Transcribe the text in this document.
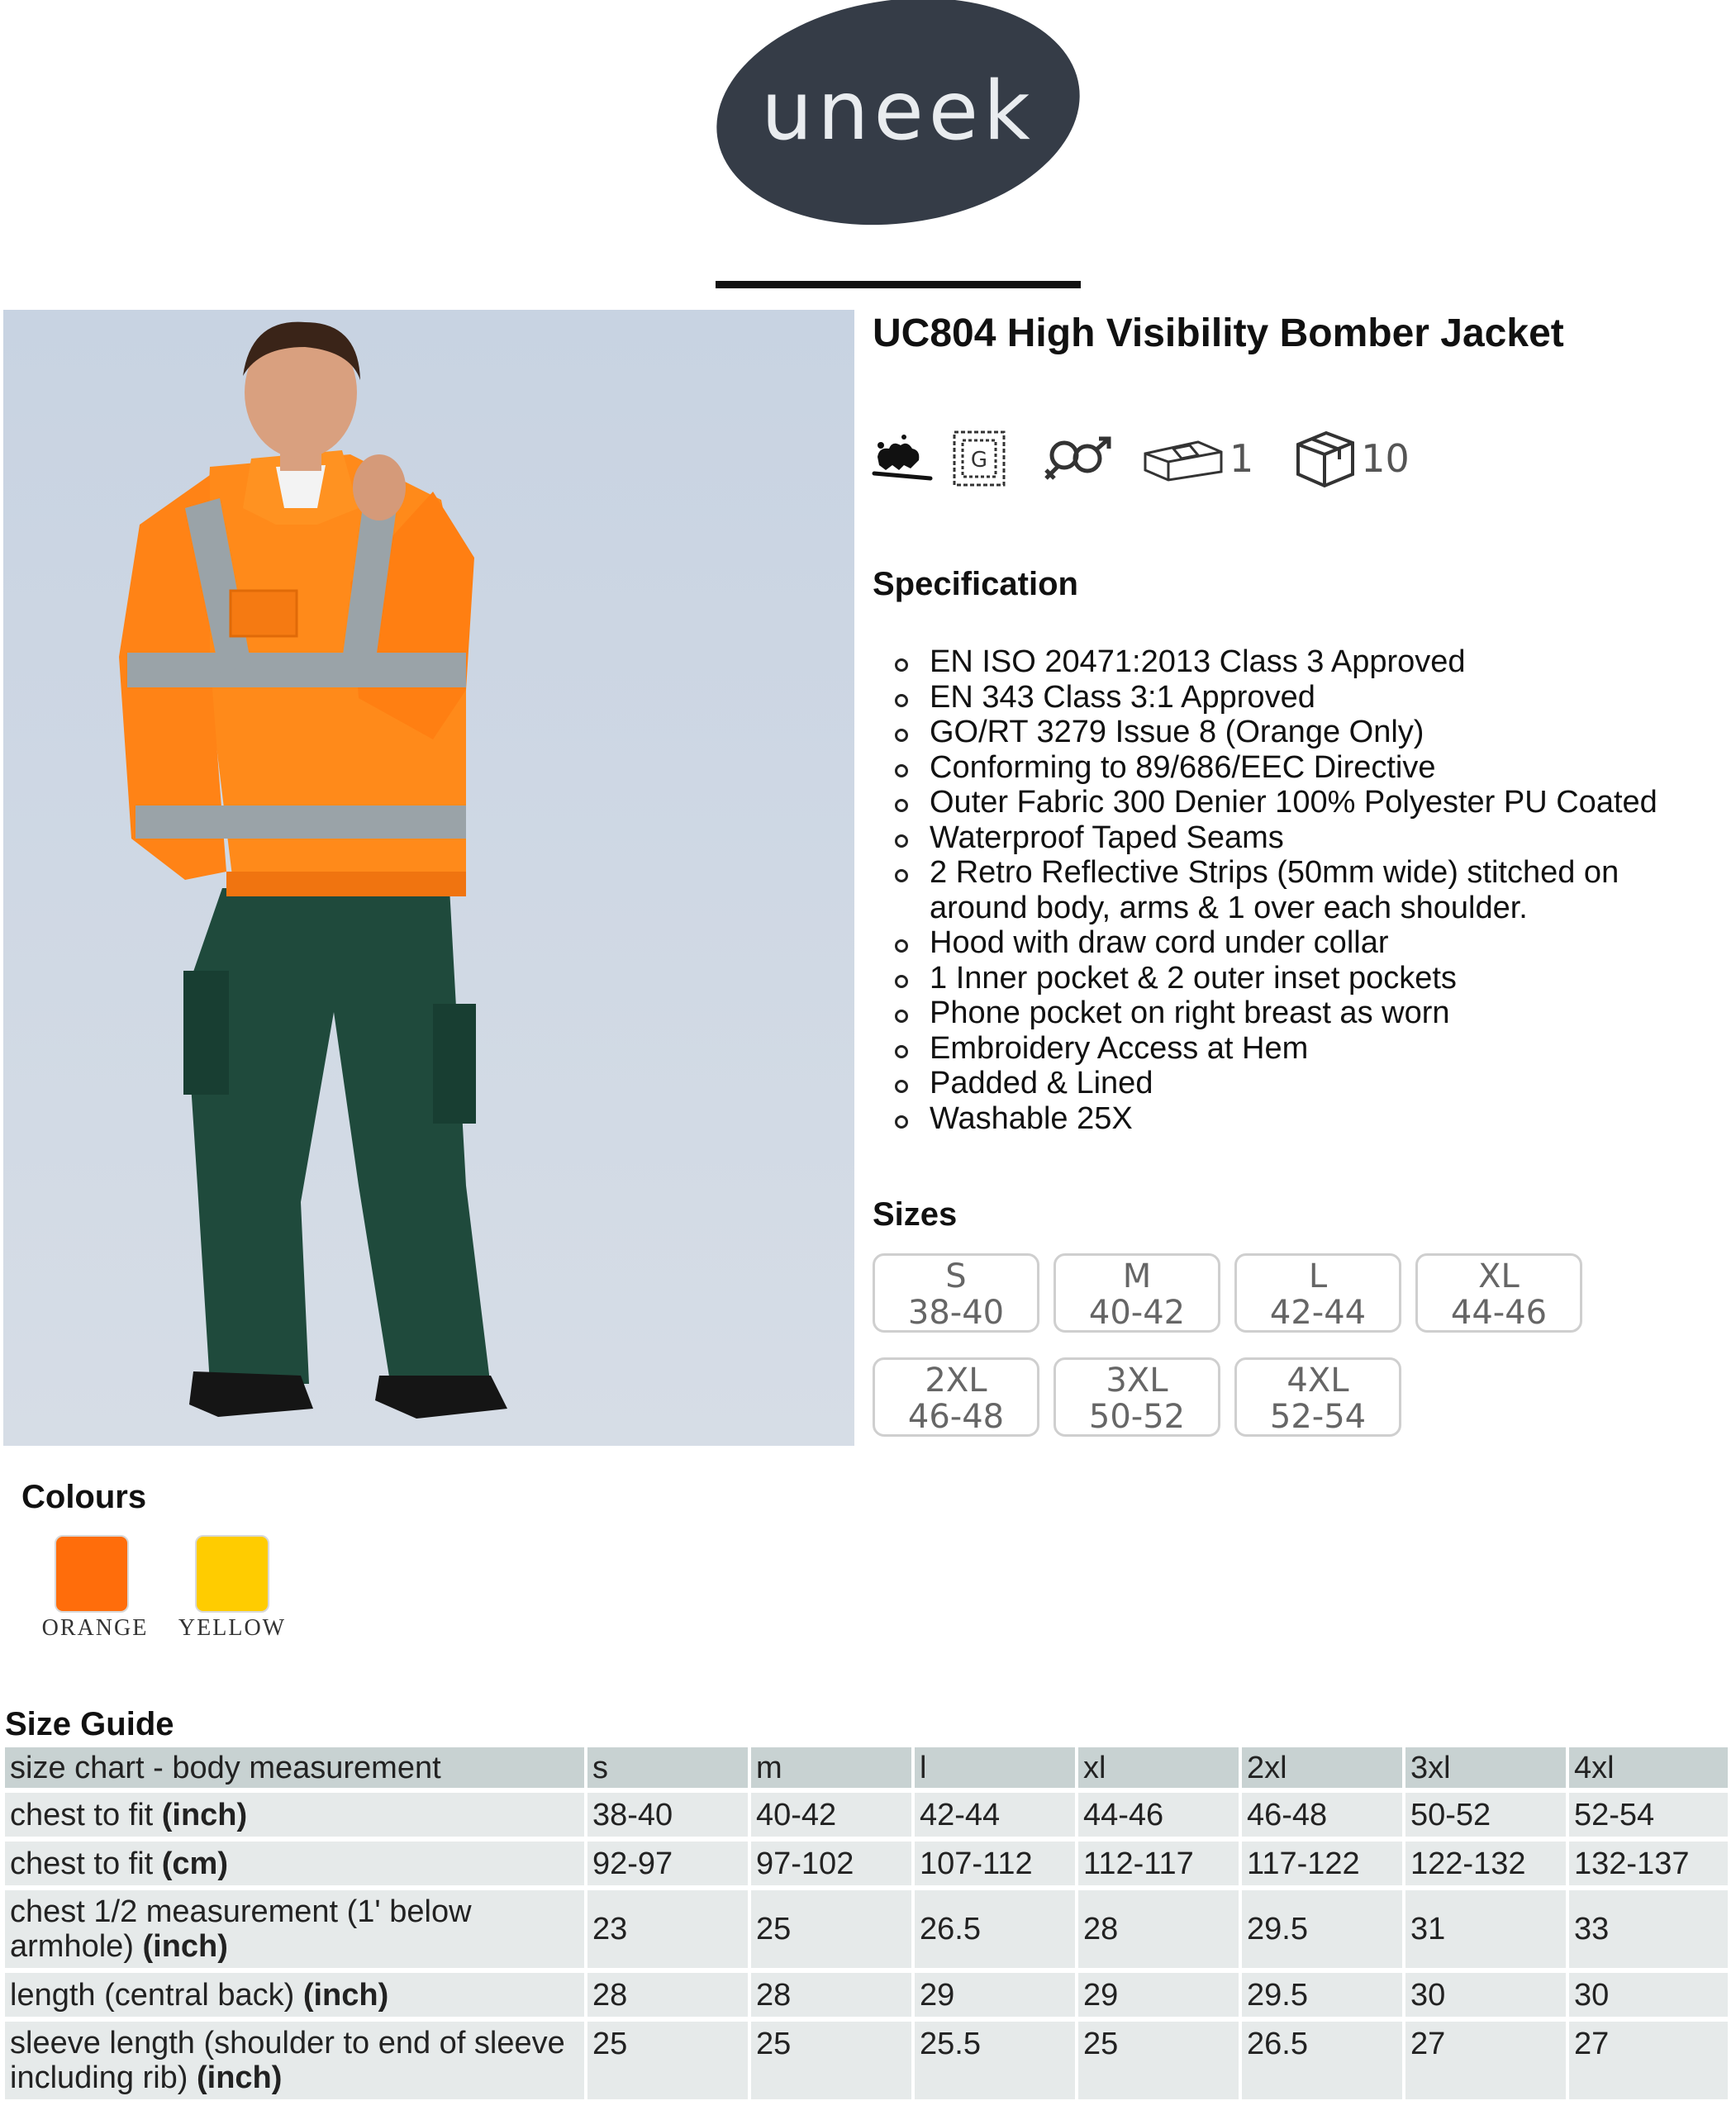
uneek
UC804 High Visibility Bomber Jacket
G	1	10
Specification
EN ISO 20471:2013 Class 3 Approved
EN 343 Class 3:1 Approved
GO/RT 3279 Issue 8 (Orange Only)
Conforming to 89/686/EEC Directive
Outer Fabric 300 Denier 100% Polyester PU Coated
Waterproof Taped Seams
2 Retro Reflective Strips (50mm wide) stitched on around body, arms & 1 over each shoulder.
Hood with draw cord under collar
1 Inner pocket & 2 outer inset pockets
Phone pocket on right breast as worn
Embroidery Access at Hem
Padded & Lined
Washable 25X
Sizes
S
38-40
M
40-42
L
42-44
XL
44-46
2XL
46-48
3XL
50-52
4XL
52-54
Colours
ORANGE	YELLOW
Size Guide
size chart - body measurement	s	m	l	xl	2xl	3xl	4xl
chest to fit (inch)	38-40	40-42	42-44	44-46	46-48	50-52	52-54
chest to fit (cm)	92-97	97-102	107-112	112-117	117-122	122-132	132-137
chest 1/2 measurement (1' below armhole) (inch)	23	25	26.5	28	29.5	31	33
length (central back) (inch)	28	28	29	29	29.5	30	30
sleeve length (shoulder to end of sleeve including rib) (inch)	25	25	25.5	25	26.5	27	27
